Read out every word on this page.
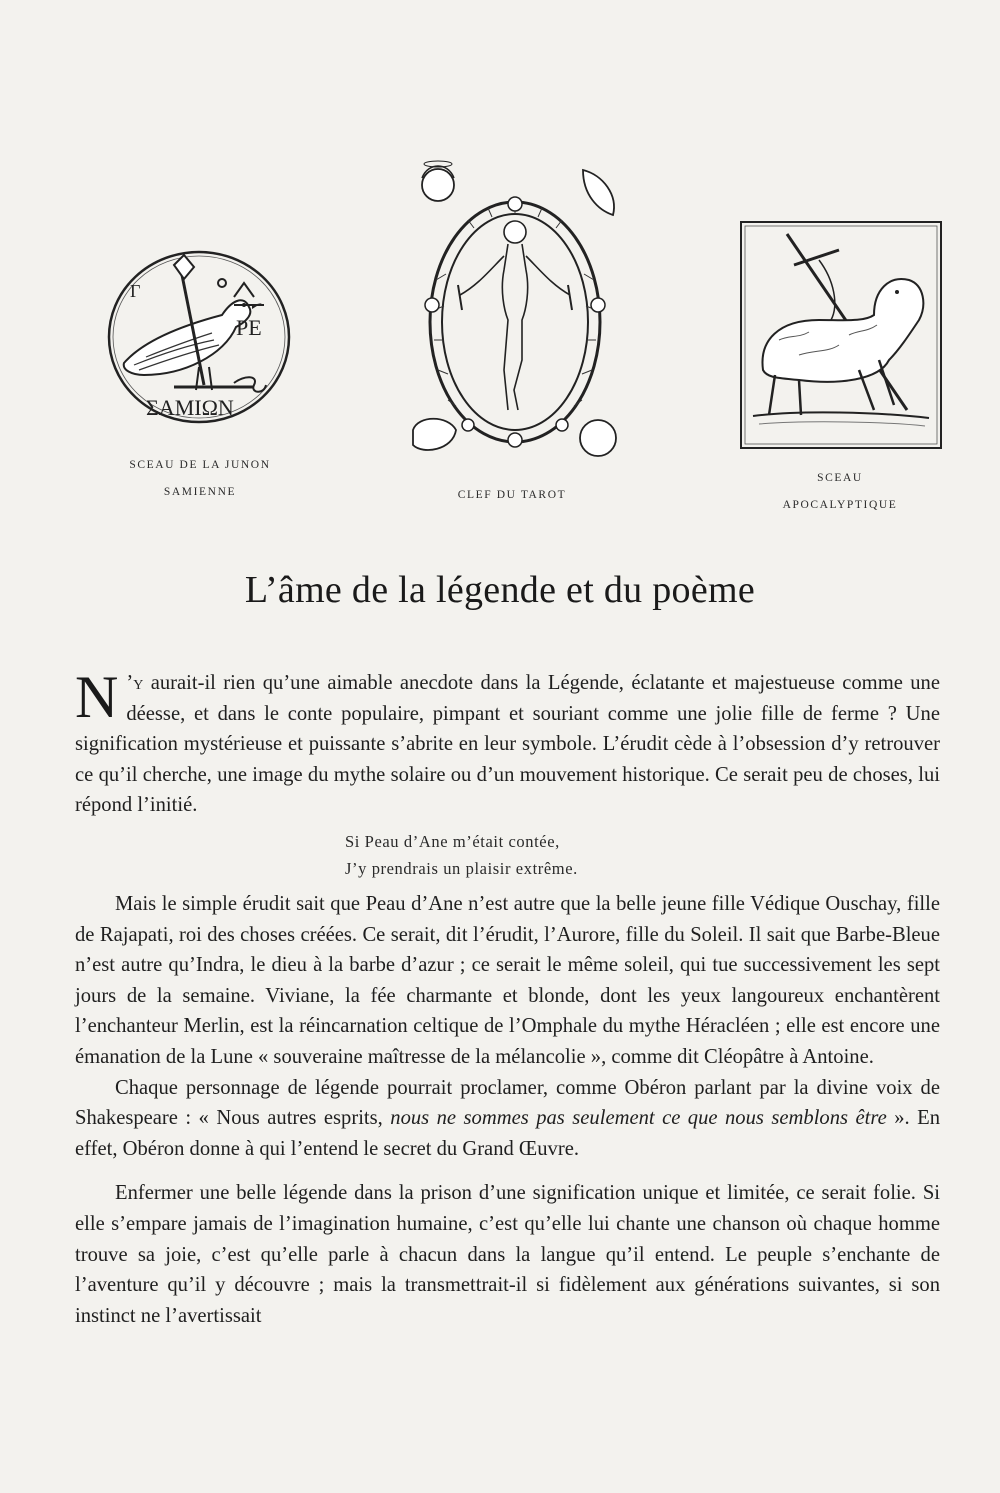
Γ
PE
ΣAMIΩN
SCEAU DE LA JUNON
SAMIENNE	CLEF DU TAROT
SCEAU
APOCALYPTIQUE
L’âme de la légende et du poème

N ’y aurait-il rien qu’une aimable anecdote dans la Légende, éclatante et majestueuse comme une déesse, et dans le conte populaire, pimpant et souriant comme une jolie fille de ferme ? Une signification mystérieuse et puissante s’abrite en leur symbole. L’érudit cède à l’obsession d’y retrouver ce qu’il cherche, une image du mythe solaire ou d’un mouvement historique. Ce serait peu de choses, lui répond l’initié.

Si Peau d’Ane m’était contée,
J’y prendrais un plaisir extrême.

Mais le simple érudit sait que Peau d’Ane n’est autre que la belle jeune fille Védique Ouschay, fille de Rajapati, roi des choses créées. Ce serait, dit l’érudit, l’Aurore, fille du Soleil. Il sait que Barbe-Bleue n’est autre qu’Indra, le dieu à la barbe d’azur ; ce serait le même soleil, qui tue successivement les sept jours de la semaine. Viviane, la fée charmante et blonde, dont les yeux langoureux enchantèrent l’enchanteur Merlin, est la réincarnation celtique de l’Omphale du mythe Héracléen ; elle est encore une émanation de la Lune « souveraine maîtresse de la mélancolie », comme dit Cléopâtre à Antoine.

Chaque personnage de légende pourrait proclamer, comme Obéron parlant par la divine voix de Shakespeare : « Nous autres esprits, nous ne sommes pas seulement ce que nous semblons être ». En effet, Obéron donne à qui l’entend le secret du Grand Œuvre.

Enfermer une belle légende dans la prison d’une signification unique et limitée, ce serait folie. Si elle s’empare jamais de l’imagination humaine, c’est qu’elle lui chante une chanson où chaque homme trouve sa joie, c’est qu’elle parle à chacun dans la langue qu’il entend. Le peuple s’enchante de l’aventure qu’il y découvre ; mais la transmettrait-il si fidèlement aux générations suivantes, si son instinct ne l’avertissait
